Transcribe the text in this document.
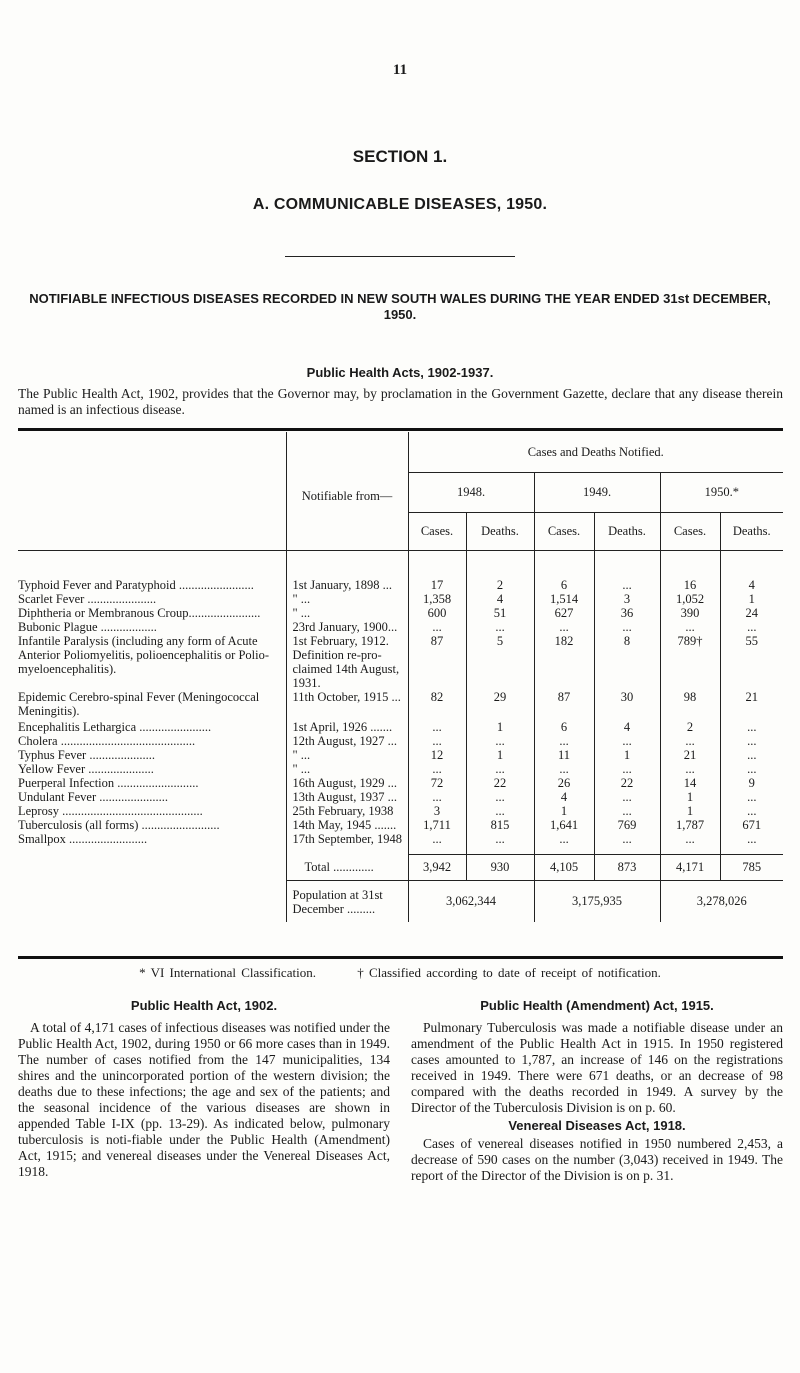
11
SECTION 1.
A. COMMUNICABLE DISEASES, 1950.
NOTIFIABLE INFECTIOUS DISEASES RECORDED IN NEW SOUTH WALES DURING THE YEAR ENDED 31st DECEMBER, 1950.
Public Health Acts, 1902-1937.
The Public Health Act, 1902, provides that the Governor may, by proclamation in the Government Gazette, declare that any disease therein named is an infectious disease.
	Notifiable from—	Cases and Deaths Notified.					
		1948.		1949.		1950.*	
		Cases.	Deaths.	Cases.	Deaths.	Cases.	Deaths.

Typhoid Fever and Paratyphoid ........................	1st January, 1898 ...	17	2	6	...	16	4
Scarlet Fever ......................	" ...	1,358	4	1,514	3	1,052	1
Diphtheria or Membranous Croup.......................	" ...	600	51	627	36	390	24
Bubonic Plague ..................	23rd January, 1900...	...	...	...	...	...	...
Infantile Paralysis (including any form of Acute Anterior Poliomyelitis, polioencephalitis or Polio-myeloencephalitis).	1st February, 1912. Definition re-pro-claimed 14th August, 1931.	87	5	182	8	789†	55
Epidemic Cerebro-spinal Fever (Meningococcal Meningitis).	11th October, 1915 ...	82	29	87	30	98	21
Encephalitis Lethargica .......................	1st April, 1926 .......	...	1	6	4	2	...
Cholera ...........................................	12th August, 1927 ...	...	...	...	...	...	...
Typhus Fever .....................	" ...	12	1	11	1	21	...
Yellow Fever .....................	" ...	...	...	...	...	...	...
Puerperal Infection ..........................	16th August, 1929 ...	72	22	26	22	14	9
Undulant Fever ......................	13th August, 1937 ...	...	...	4	...	1	...
Leprosy .............................................	25th February, 1938	3	...	1	...	1	...
Tuberculosis (all forms) .........................	14th May, 1945 .......	1,711	815	1,641	769	1,787	671
Smallpox .........................	17th September, 1948	...	...	...	...	...	...

	Total .............	3,942	930	4,105	873	4,171	785
	Population at 31st December .........	3,062,344		3,175,935		3,278,026	
* VI International Classification.	† Classified according to date of receipt of notification.
Public Health Act, 1902.

A total of 4,171 cases of infectious diseases was notified under the Public Health Act, 1902, during 1950 or 66 more cases than in 1949. The number of cases notified from the 147 municipalities, 134 shires and the unincorporated portion of the western division; the deaths due to these infections; the age and sex of the patients; and the seasonal incidence of the various diseases are shown in appended Table I-IX (pp. 13-29). As indicated below, pulmonary tuberculosis is noti-fiable under the Public Health (Amendment) Act, 1915; and venereal diseases under the Venereal Diseases Act, 1918.

Public Health (Amendment) Act, 1915.

Pulmonary Tuberculosis was made a notifiable disease under an amendment of the Public Health Act in 1915. In 1950 registered cases amounted to 1,787, an increase of 146 on the registrations received in 1949. There were 671 deaths, or an decrease of 98 compared with the deaths recorded in 1949. A survey by the Director of the Tuberculosis Division is on p. 60.

Venereal Diseases Act, 1918.

Cases of venereal diseases notified in 1950 numbered 2,453, a decrease of 590 cases on the number (3,043) received in 1949. The report of the Director of the Division is on p. 31.
